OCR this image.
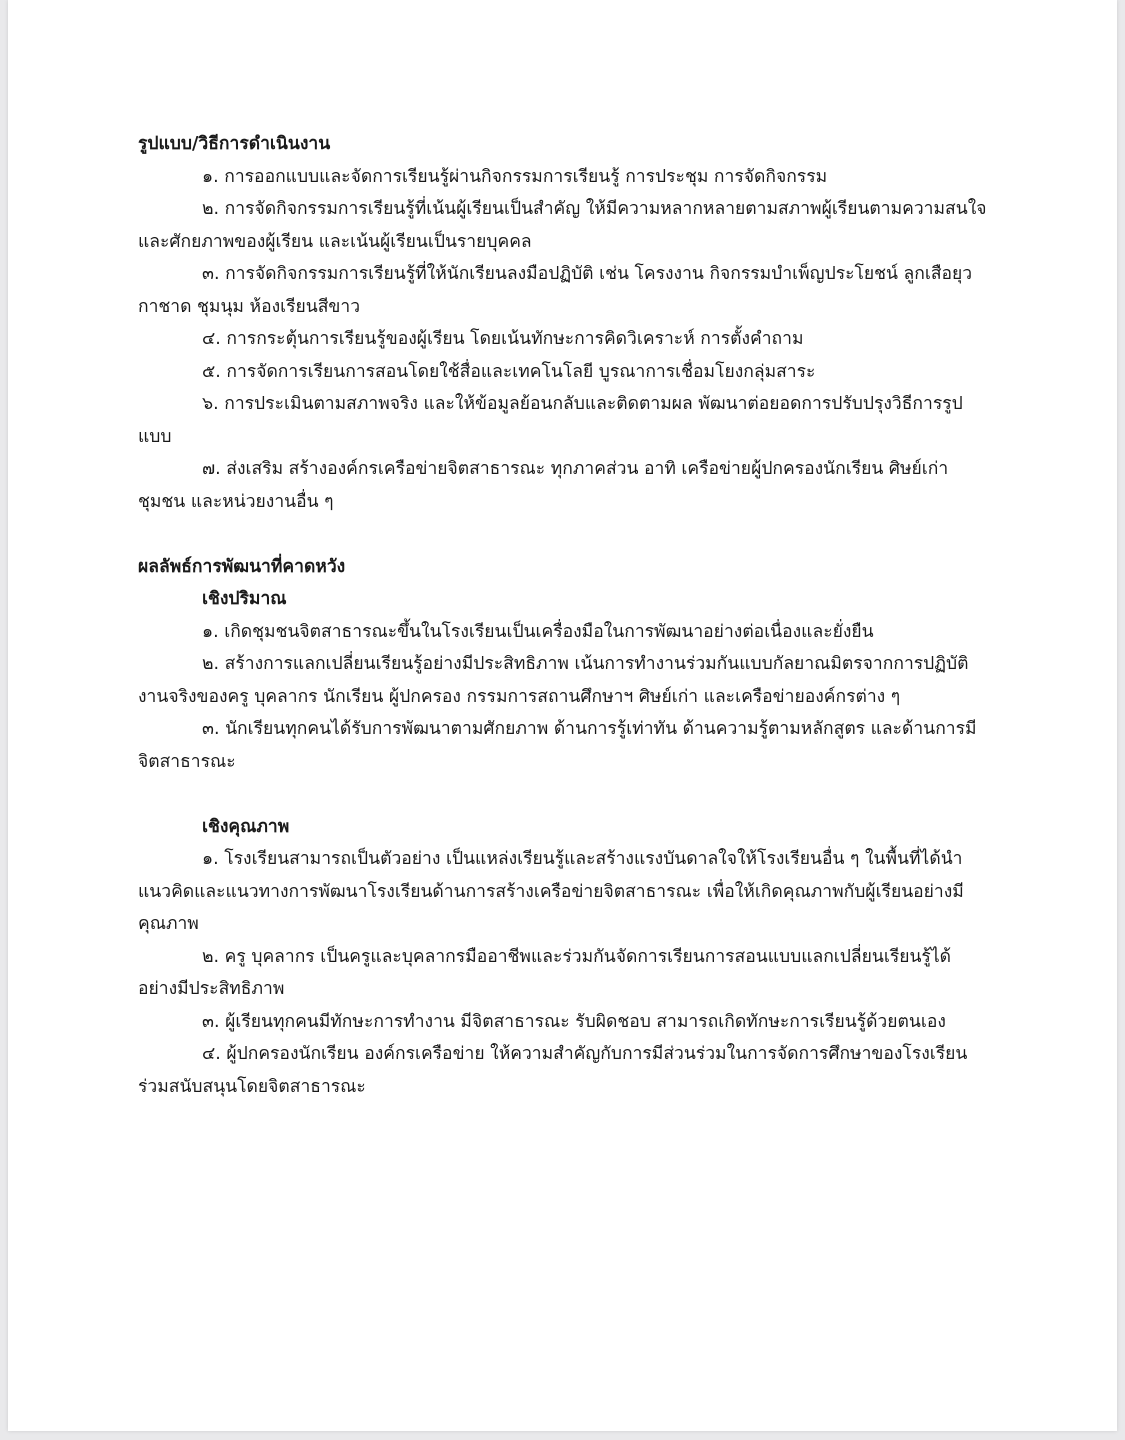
รูปแบบ/วิธีการดำเนินงาน

๑. การออกแบบและจัดการเรียนรู้ผ่านกิจกรรมการเรียนรู้ การประชุม การจัดกิจกรรม

๒. การจัดกิจกรรมการเรียนรู้ที่เน้นผู้เรียนเป็นสำคัญ ให้มีความหลากหลายตามสภาพผู้เรียนตามความสนใจและศักยภาพของผู้เรียน และเน้นผู้เรียนเป็นรายบุคคล

๓. การจัดกิจกรรมการเรียนรู้ที่ให้นักเรียนลงมือปฏิบัติ เช่น โครงงาน กิจกรรมบำเพ็ญประโยชน์ ลูกเสือยุวกาชาด ชุมนุม ห้องเรียนสีขาว

๔. การกระตุ้นการเรียนรู้ของผู้เรียน โดยเน้นทักษะการคิดวิเคราะห์ การตั้งคำถาม

๕. การจัดการเรียนการสอนโดยใช้สื่อและเทคโนโลยี บูรณาการเชื่อมโยงกลุ่มสาระ

๖. การประเมินตามสภาพจริง และให้ข้อมูลย้อนกลับและติดตามผล พัฒนาต่อยอดการปรับปรุงวิธีการรูปแบบ

๗. ส่งเสริม สร้างองค์กรเครือข่ายจิตสาธารณะ ทุกภาคส่วน อาทิ เครือข่ายผู้ปกครองนักเรียน ศิษย์เก่าชุมชน และหน่วยงานอื่น ๆ

ผลลัพธ์การพัฒนาที่คาดหวัง

เชิงปริมาณ

๑. เกิดชุมชนจิตสาธารณะขึ้นในโรงเรียนเป็นเครื่องมือในการพัฒนาอย่างต่อเนื่องและยั่งยืน

๒. สร้างการแลกเปลี่ยนเรียนรู้อย่างมีประสิทธิภาพ เน้นการทำงานร่วมกันแบบกัลยาณมิตรจากการปฏิบัติงานจริงของครู บุคลากร นักเรียน ผู้ปกครอง กรรมการสถานศึกษาฯ ศิษย์เก่า และเครือข่ายองค์กรต่าง ๆ

๓. นักเรียนทุกคนได้รับการพัฒนาตามศักยภาพ ด้านการรู้เท่าทัน ด้านความรู้ตามหลักสูตร และด้านการมีจิตสาธารณะ

เชิงคุณภาพ

๑. โรงเรียนสามารถเป็นตัวอย่าง เป็นแหล่งเรียนรู้และสร้างแรงบันดาลใจให้โรงเรียนอื่น ๆ ในพื้นที่ได้นำแนวคิดและแนวทางการพัฒนาโรงเรียนด้านการสร้างเครือข่ายจิตสาธารณะ เพื่อให้เกิดคุณภาพกับผู้เรียนอย่างมีคุณภาพ

๒. ครู บุคลากร เป็นครูและบุคลากรมืออาชีพและร่วมกันจัดการเรียนการสอนแบบแลกเปลี่ยนเรียนรู้ได้อย่างมีประสิทธิภาพ

๓. ผู้เรียนทุกคนมีทักษะการทำงาน มีจิตสาธารณะ รับผิดชอบ สามารถเกิดทักษะการเรียนรู้ด้วยตนเอง

๔. ผู้ปกครองนักเรียน องค์กรเครือข่าย ให้ความสำคัญกับการมีส่วนร่วมในการจัดการศึกษาของโรงเรียนร่วมสนับสนุนโดยจิตสาธารณะ
